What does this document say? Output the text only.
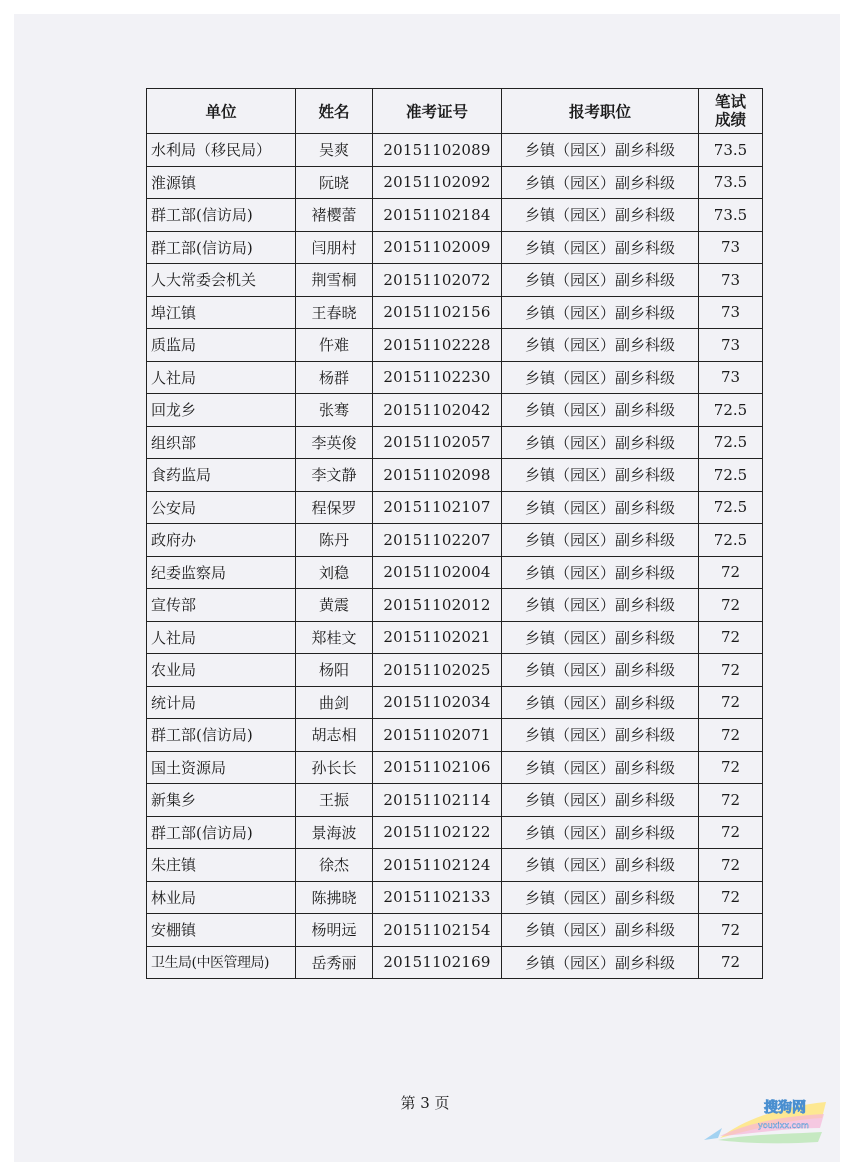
单位	姓名	准考证号	报考职位	笔试
成绩
水利局（移民局）	吴爽	20151102089	乡镇（园区）副乡科级	73.5
淮源镇	阮晓	20151102092	乡镇（园区）副乡科级	73.5
群工部(信访局)	褚樱蕾	20151102184	乡镇（园区）副乡科级	73.5
群工部(信访局)	闫朋村	20151102009	乡镇（园区）副乡科级	73
人大常委会机关	荆雪桐	20151102072	乡镇（园区）副乡科级	73
埠江镇	王春晓	20151102156	乡镇（园区）副乡科级	73
质监局	仵难	20151102228	乡镇（园区）副乡科级	73
人社局	杨群	20151102230	乡镇（园区）副乡科级	73
回龙乡	张骞	20151102042	乡镇（园区）副乡科级	72.5
组织部	李英俊	20151102057	乡镇（园区）副乡科级	72.5
食药监局	李文静	20151102098	乡镇（园区）副乡科级	72.5
公安局	程保罗	20151102107	乡镇（园区）副乡科级	72.5
政府办	陈丹	20151102207	乡镇（园区）副乡科级	72.5
纪委监察局	刘稳	20151102004	乡镇（园区）副乡科级	72
宣传部	黄震	20151102012	乡镇（园区）副乡科级	72
人社局	郑桂文	20151102021	乡镇（园区）副乡科级	72
农业局	杨阳	20151102025	乡镇（园区）副乡科级	72
统计局	曲剑	20151102034	乡镇（园区）副乡科级	72
群工部(信访局)	胡志相	20151102071	乡镇（园区）副乡科级	72
国土资源局	孙长长	20151102106	乡镇（园区）副乡科级	72
新集乡	王振	20151102114	乡镇（园区）副乡科级	72
群工部(信访局)	景海波	20151102122	乡镇（园区）副乡科级	72
朱庄镇	徐杰	20151102124	乡镇（园区）副乡科级	72
林业局	陈拂晓	20151102133	乡镇（园区）副乡科级	72
安棚镇	杨明远	20151102154	乡镇（园区）副乡科级	72
卫生局(中医管理局)	岳秀丽	20151102169	乡镇（园区）副乡科级	72
第 3 页	搜狗网
youxixx.com
